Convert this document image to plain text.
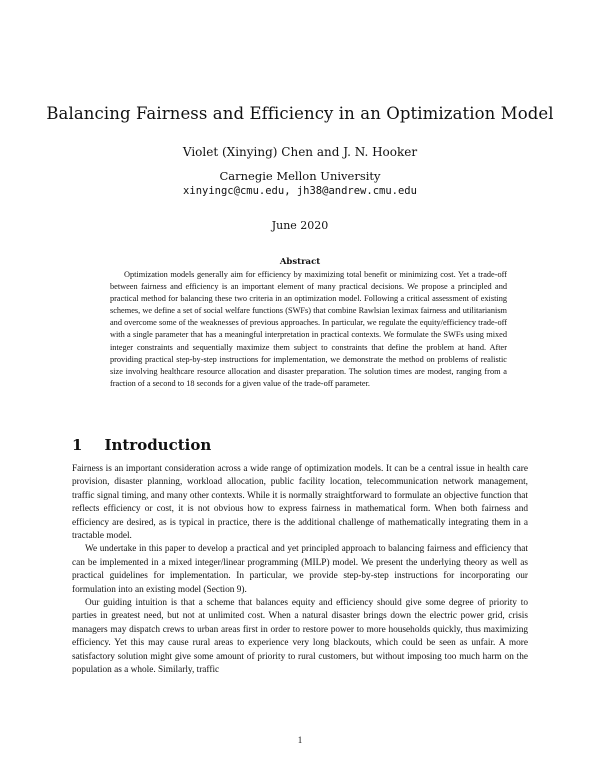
Balancing Fairness and Efficiency in an Optimization Model
Violet (Xinying) Chen and J. N. Hooker
Carnegie Mellon University
xinyingc@cmu.edu, jh38@andrew.cmu.edu
June 2020
Abstract

Optimization models generally aim for efficiency by maximizing total benefit or minimizing cost. Yet a trade-off between fairness and efficiency is an important element of many practical decisions. We propose a principled and practical method for balancing these two criteria in an optimization model. Following a critical assessment of existing schemes, we define a set of social welfare functions (SWFs) that combine Rawlsian leximax fairness and utilitarianism and overcome some of the weaknesses of previous approaches. In particular, we regulate the equity/efficiency trade-off with a single parameter that has a meaningful interpretation in practical contexts. We formulate the SWFs using mixed integer constraints and sequentially maximize them subject to constraints that define the problem at hand. After providing practical step-by-step instructions for implementation, we demonstrate the method on problems of realistic size involving healthcare resource allocation and disaster preparation. The solution times are modest, ranging from a fraction of a second to 18 seconds for a given value of the trade-off parameter.

1 Introduction

Fairness is an important consideration across a wide range of optimization models. It can be a central issue in health care provision, disaster planning, workload allocation, public facility location, telecommunication network management, traffic signal timing, and many other contexts. While it is normally straightforward to formulate an objective function that reflects efficiency or cost, it is not obvious how to express fairness in mathematical form. When both fairness and efficiency are desired, as is typical in practice, there is the additional challenge of mathematically integrating them in a tractable model.

We undertake in this paper to develop a practical and yet principled approach to balancing fairness and efficiency that can be implemented in a mixed integer/linear programming (MILP) model. We present the underlying theory as well as practical guidelines for implementation. In particular, we provide step-by-step instructions for incorporating our formulation into an existing model (Section 9).

Our guiding intuition is that a scheme that balances equity and efficiency should give some degree of priority to parties in greatest need, but not at unlimited cost. When a natural disaster brings down the electric power grid, crisis managers may dispatch crews to urban areas first in order to restore power to more households quickly, thus maximizing efficiency. Yet this may cause rural areas to experience very long blackouts, which could be seen as unfair. A more satisfactory solution might give some amount of priority to rural customers, but without imposing too much harm on the population as a whole. Similarly, traffic

1
